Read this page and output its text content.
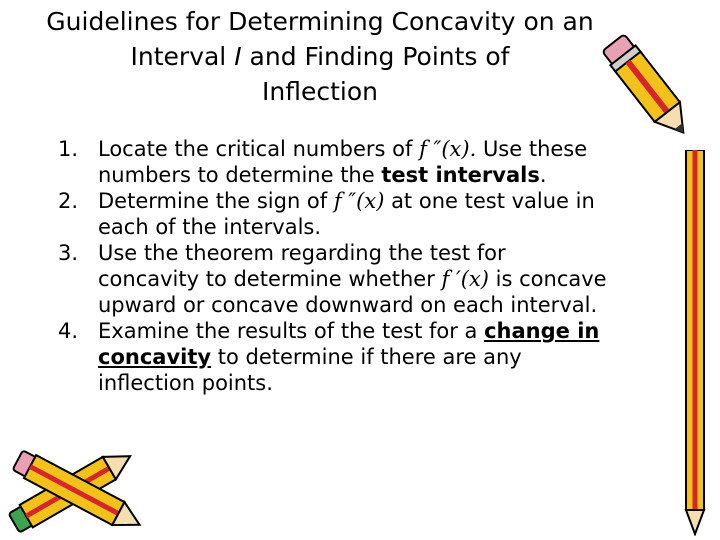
Guidelines for Determining Concavity on an
Interval I and Finding Points of
Inflection
1. Locate the critical numbers of f ″(x). Use these
numbers to determine the test intervals.
2. Determine the sign of f ″(x) at one test value in
each of the intervals.
3. Use the theorem regarding the test for
concavity to determine whether f ′(x) is concave
upward or concave downward on each interval.
4. Examine the results of the test for a change in
concavity to determine if there are any
inflection points.
